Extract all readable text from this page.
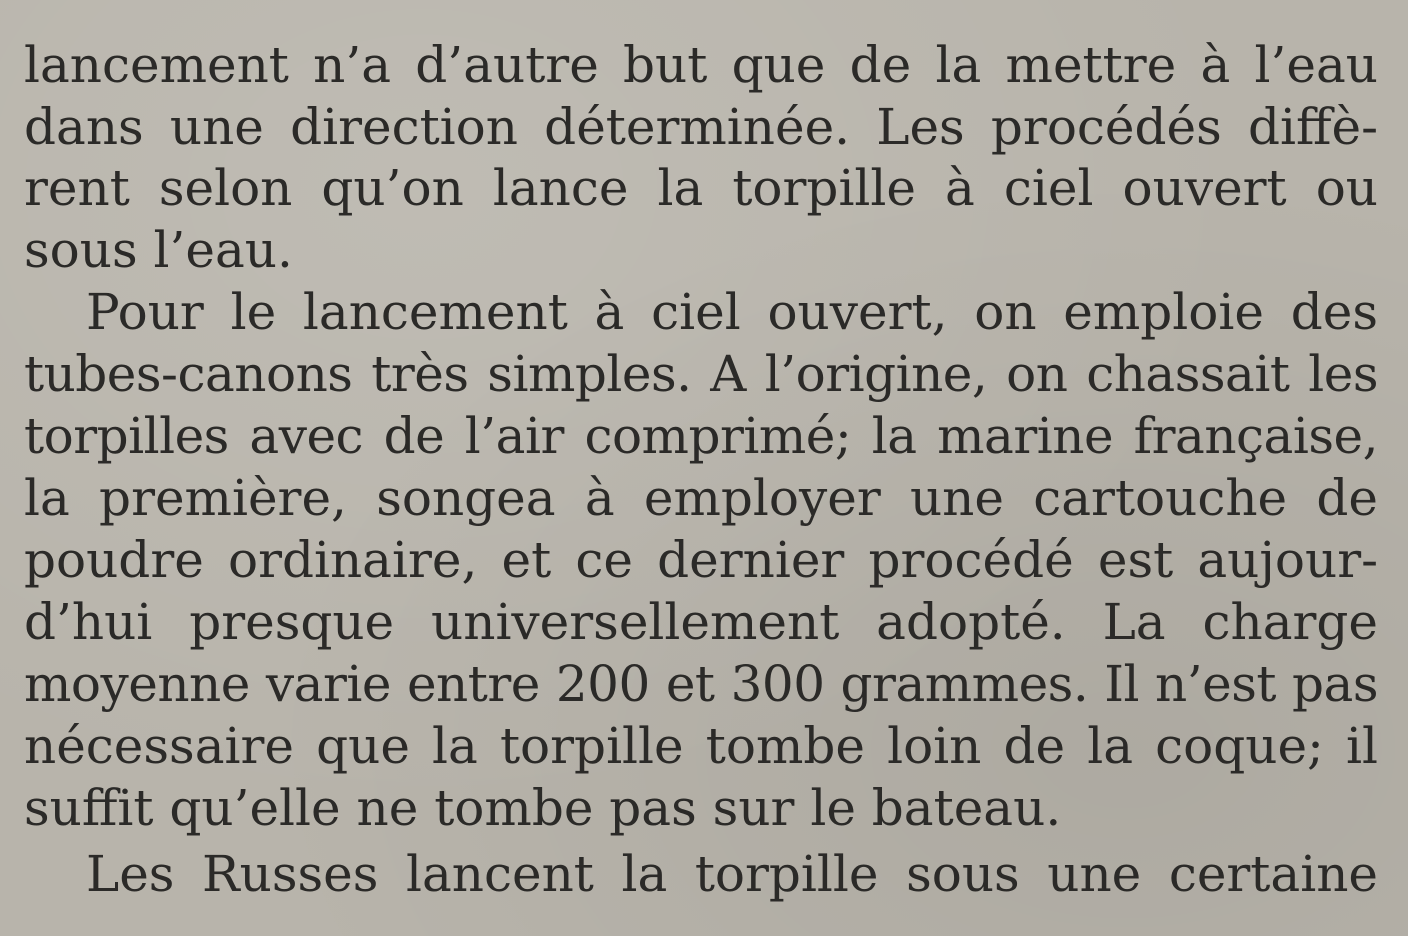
lancement n’a d’autre but que de la mettre à l’eau
dans une direction déterminée. Les procédés diffè-
rent selon qu’on lance la torpille à ciel ouvert ou
sous l’eau.
Pour le lancement à ciel ouvert, on emploie des
tubes-canons très simples. A l’origine, on chassait les
torpilles avec de l’air comprimé; la marine française,
la première, songea à employer une cartouche de
poudre ordinaire, et ce dernier procédé est aujour-
d’hui presque universellement adopté. La charge
moyenne varie entre 200 et 300 grammes. Il n’est pas
nécessaire que la torpille tombe loin de la coque; il
suffit qu’elle ne tombe pas sur le bateau.
Les Russes lancent la torpille sous une certaine
